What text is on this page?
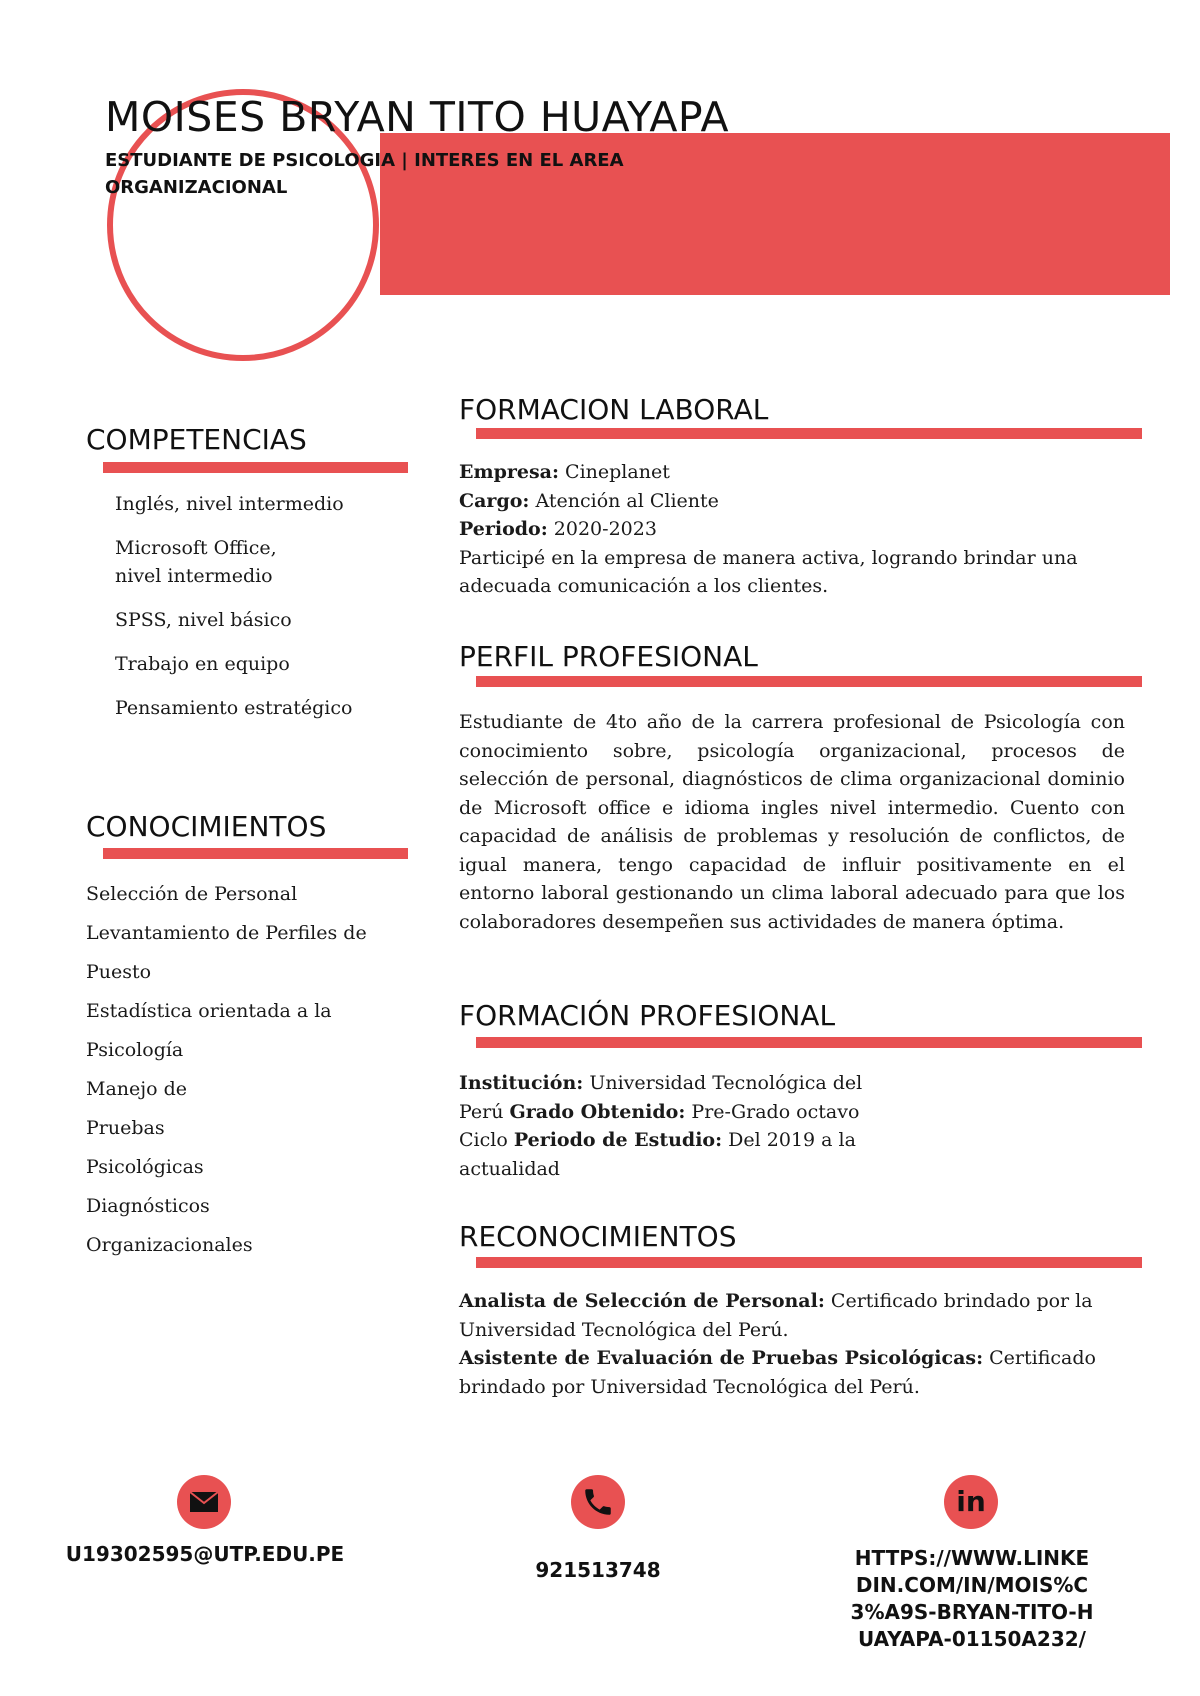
MOISES BRYAN TITO HUAYAPA
ESTUDIANTE DE PSICOLOGIA | INTERES EN EL AREA ORGANIZACIONAL
COMPETENCIAS
Inglés, nivel intermedio
Microsoft Office, nivel intermedio
SPSS, nivel básico
Trabajo en equipo
Pensamiento estratégico
CONOCIMIENTOS
Selección de Personal
Levantamiento de Perfiles de Puesto
Estadística orientada a la Psicología
Manejo de Pruebas Psicológicas
Diagnósticos Organizacionales
FORMACION LABORAL
Empresa: Cineplanet
Cargo: Atención al Cliente
Periodo: 2020-2023
Participé en la empresa de manera activa, logrando brindar una adecuada comunicación a los clientes.
PERFIL PROFESIONAL
Estudiante de 4to año de la carrera profesional de Psicología con conocimiento sobre, psicología organizacional, procesos de selección de personal, diagnósticos de clima organizacional dominio de Microsoft office e idioma ingles nivel intermedio. Cuento con capacidad de análisis de problemas y resolución de conflictos, de igual manera, tengo capacidad de influir positivamente en el entorno laboral gestionando un clima laboral adecuado para que los colaboradores desempeñen sus actividades de manera óptima.
FORMACIÓN PROFESIONAL
Institución: Universidad Tecnológica del Perú Grado Obtenido: Pre-Grado octavo Ciclo Periodo de Estudio: Del 2019 a la actualidad
RECONOCIMIENTOS
Analista de Selección de Personal: Certificado brindado por la Universidad Tecnológica del Perú.
Asistente de Evaluación de Pruebas Psicológicas: Certificado brindado por Universidad Tecnológica del Perú.
U19302595@UTP.EDU.PE
921513748
in
HTTPS://WWW.LINKEDIN.COM/IN/MOIS%C3%A9S-BRYAN-TITO-HUAYAPA-01150A232/
